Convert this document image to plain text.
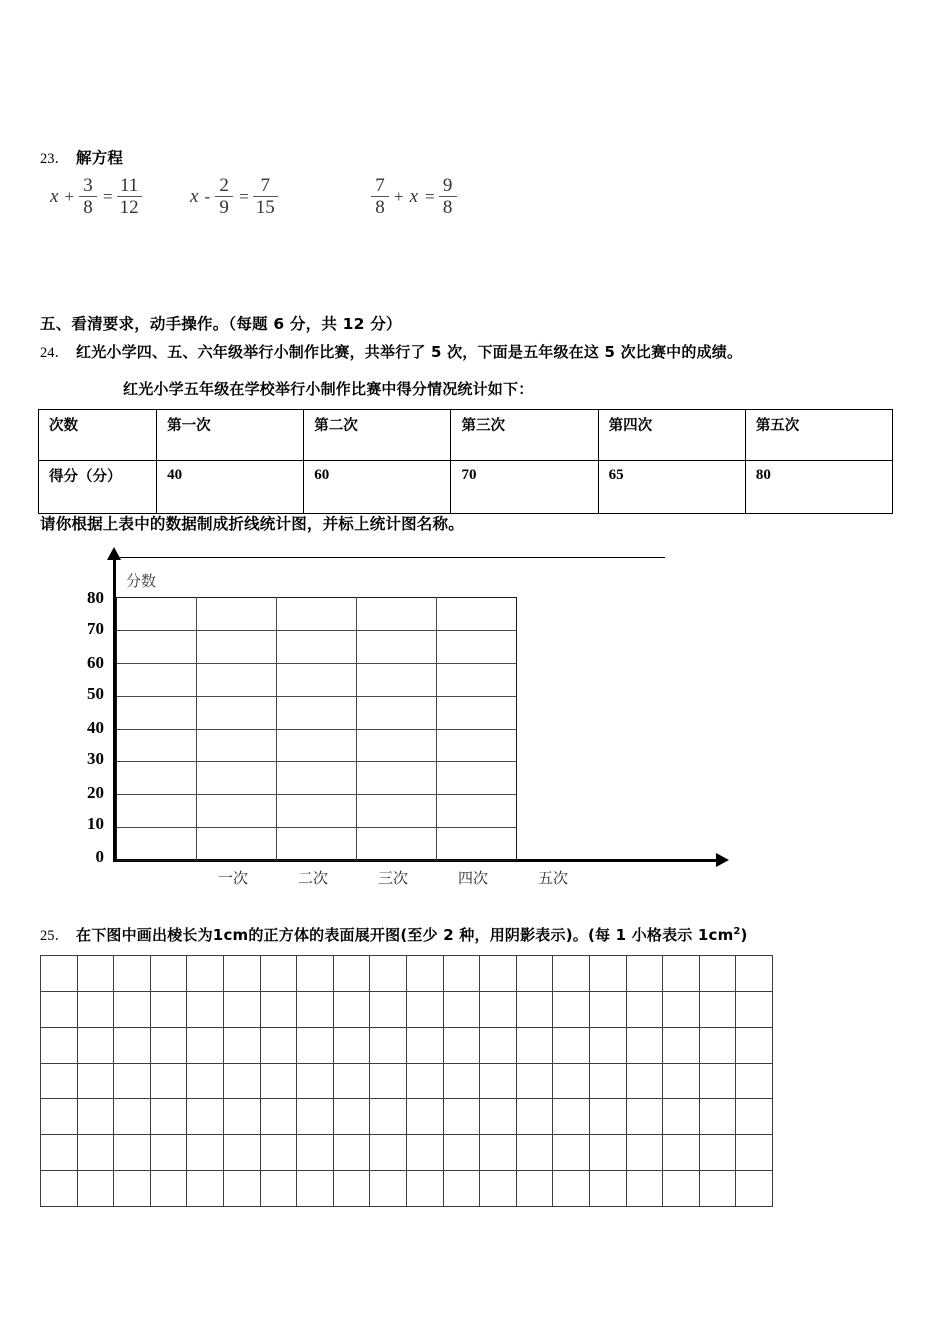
23． 解方程
$x + \frac{3}{8} = \frac{11}{12}$	$x - \frac{2}{9} = \frac{7}{15}$	$\frac{7}{8} + x = \frac{9}{8}$
五、看清要求，动手操作。（每题 6 分，共 12 分）
24． 红光小学四、五、六年级举行小制作比赛，共举行了 5 次，下面是五年级在这 5 次比赛中的成绩。
红光小学五年级在学校举行小制作比赛中得分情况统计如下：
次数	第一次	第二次	第三次	第四次	第五次
得分（分）	40	60	70	65	80
请你根据上表中的数据制成折线统计图，并标上统计图名称。
分数
80
70
60
50
40
30
20
10
0
一次	二次	三次	四次	五次
25． 在下图中画出棱长为1cm的正方体的表面展开图(至少 2 种，用阴影表示)。(每 1 小格表示 $1cm^2$)
